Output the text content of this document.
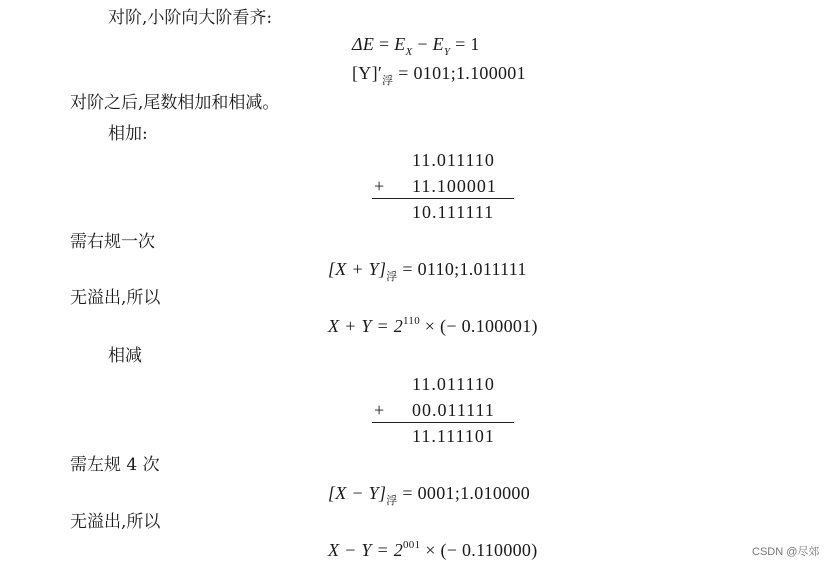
对阶,小阶向大阶看齐:
$\Delta E = E_X - E_Y = 1$
$[Y]'_浮$ = 0101;1.100001
对阶之后,尾数相加和相减。
相加:
11.011110
+ 11.100001
10.111111
需右规一次
$[X + Y]_浮$ = 0110;1.011111
无溢出,所以
$X + Y = 2^{110}$ × (− 0.100001)
相减
11.011110
+ 00.011111
11.111101
需左规 4 次
$[X - Y]_浮$ = 0001;1.010000
无溢出,所以
$X - Y = 2^{001}$ × (− 0.110000)	CSDN @尽郊
